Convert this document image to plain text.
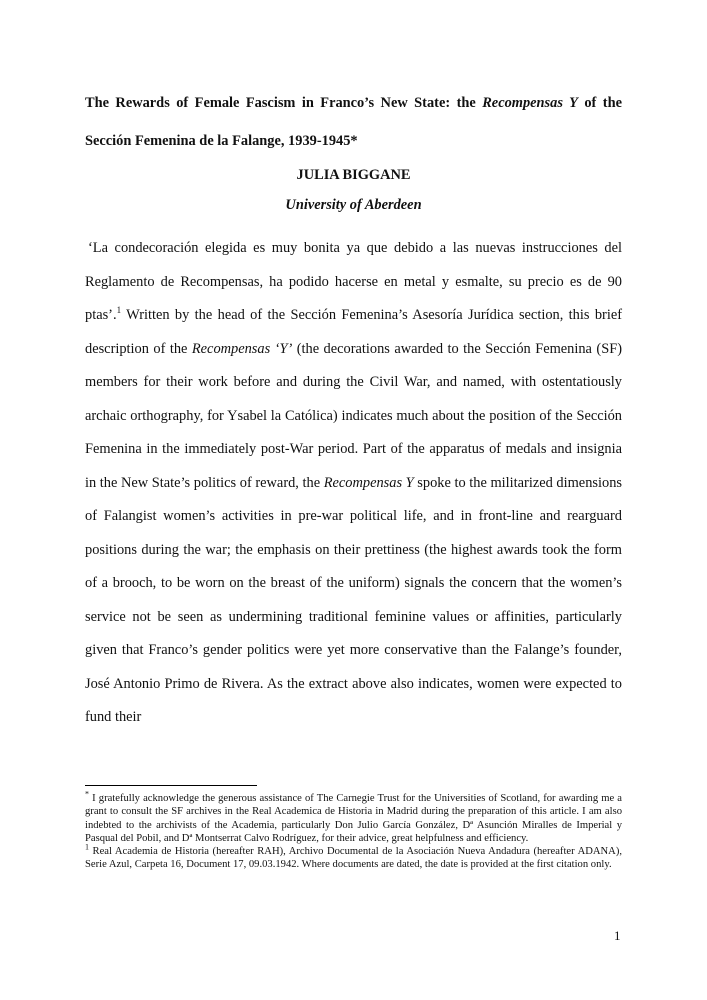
The Rewards of Female Fascism in Franco’s New State: the Recompensas Y of the Sección Femenina de la Falange, 1939-1945*

JULIA BIGGANE

University of Aberdeen

‘La condecoración elegida es muy bonita ya que debido a las nuevas instrucciones del Reglamento de Recompensas, ha podido hacerse en metal y esmalte, su precio es de 90 ptas’.$^1$ Written by the head of the Sección Femenina’s Asesoría Jurídica section, this brief description of the Recompensas ‘Y’ (the decorations awarded to the Sección Femenina (SF) members for their work before and during the Civil War, and named, with ostentatiously archaic orthography, for Ysabel la Católica) indicates much about the position of the Sección Femenina in the immediately post-War period. Part of the apparatus of medals and insignia in the New State’s politics of reward, the Recompensas Y spoke to the militarized dimensions of Falangist women’s activities in pre-war political life, and in front-line and rearguard positions during the war; the emphasis on their prettiness (the highest awards took the form of a brooch, to be worn on the breast of the uniform) signals the concern that the women’s service not be seen as undermining traditional feminine values or affinities, particularly given that Franco’s gender politics were yet more conservative than the Falange’s founder, José Antonio Primo de Rivera. As the extract above also indicates, women were expected to fund their

* I gratefully acknowledge the generous assistance of The Carnegie Trust for the Universities of Scotland, for awarding me a grant to consult the SF archives in the Real Academica de Historia in Madrid during the preparation of this article. I am also indebted to the archivists of the Academia, particularly Don Julio García González, Dª Asunción Miralles de Imperial y Pasqual del Pobil, and Dª Montserrat Calvo Rodríguez, for their advice, great helpfulness and efficiency.

$^1$ Real Academia de Historia (hereafter RAH), Archivo Documental de la Asociación Nueva Andadura (hereafter ADANA), Serie Azul, Carpeta 16, Document 17, 09.03.1942. Where documents are dated, the date is provided at the first citation only.

1
